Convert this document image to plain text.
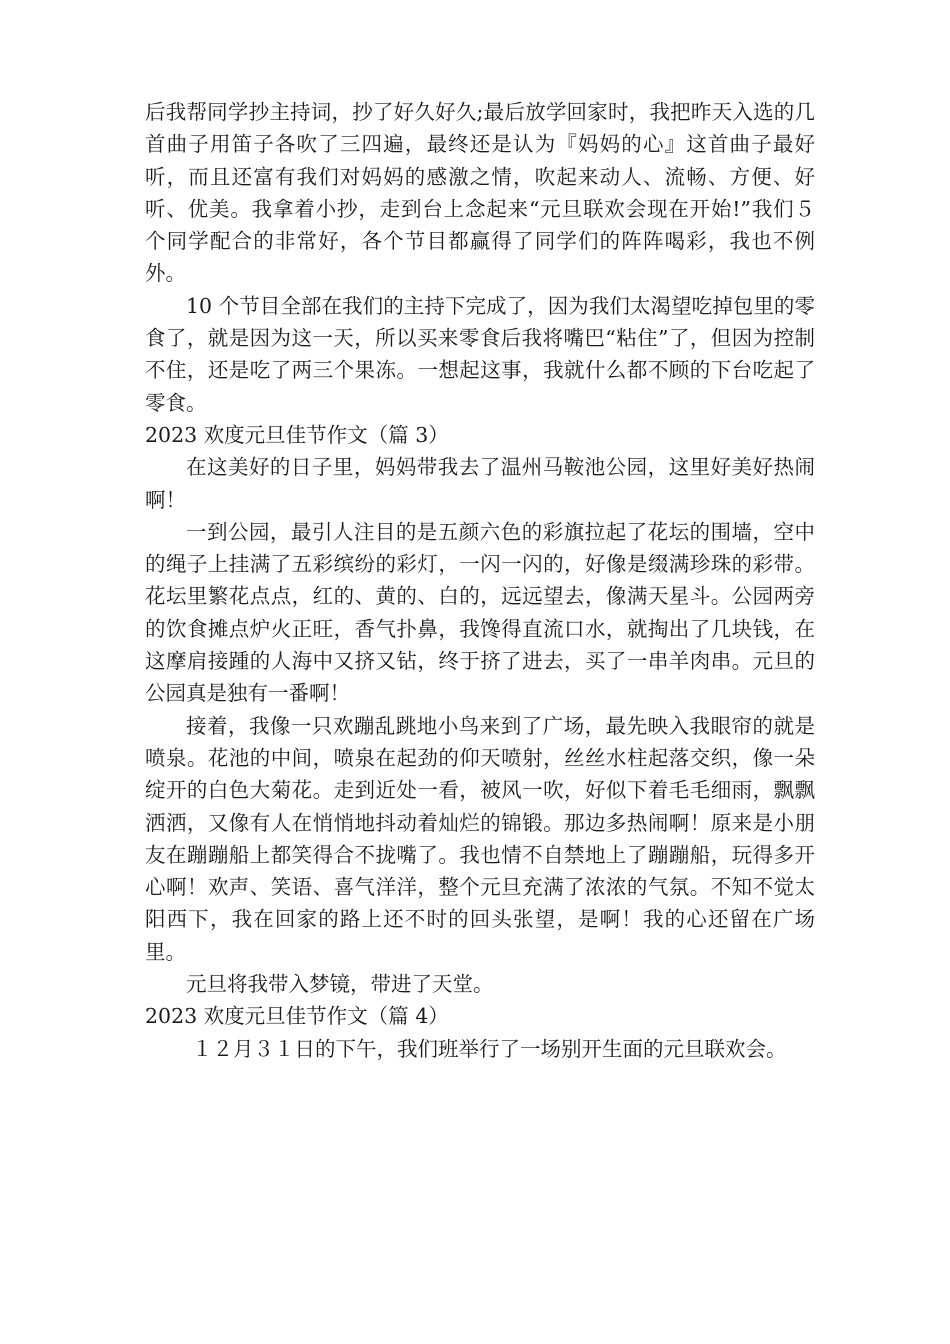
后我帮同学抄主持词，抄了好久好久;最后放学回家时，我把昨天入选的几首曲子用笛子各吹了三四遍，最终还是认为『妈妈的心』这首曲子最好听，而且还富有我们对妈妈的感激之情，吹起来动人、流畅、方便、好听、优美。我拿着小抄，走到台上念起来“元旦联欢会现在开始!”我们５ 个同学配合的非常好，各个节目都赢得了同学们的阵阵喝彩，我也不例外。

10 个节目全部在我们的主持下完成了，因为我们太渴望吃掉包里的零食了，就是因为这一天，所以买来零食后我将嘴巴“粘住”了，但因为控制不住，还是吃了两三个果冻。一想起这事，我就什么都不顾的下台吃起了零食。

2023 欢度元旦佳节作文（篇 3）

在这美好的日子里，妈妈带我去了温州马鞍池公园，这里好美好热闹啊！

一到公园，最引人注目的是五颜六色的彩旗拉起了花坛的围墙，空中的绳子上挂满了五彩缤纷的彩灯，一闪一闪的，好像是缀满珍珠的彩带。花坛里繁花点点，红的、黄的、白的，远远望去，像满天星斗。公园两旁的饮食摊点炉火正旺，香气扑鼻，我馋得直流口水，就掏出了几块钱，在这摩肩接踵的人海中又挤又钻，终于挤了进去，买了一串羊肉串。元旦的公园真是独有一番啊！

接着，我像一只欢蹦乱跳地小鸟来到了广场，最先映入我眼帘的就是喷泉。花池的中间，喷泉在起劲的仰天喷射，丝丝水柱起落交织，像一朵绽开的白色大菊花。走到近处一看，被风一吹，好似下着毛毛细雨，飘飘洒洒，又像有人在悄悄地抖动着灿烂的锦锻。那边多热闹啊！原来是小朋友在蹦蹦船上都笑得合不拢嘴了。我也情不自禁地上了蹦蹦船，玩得多开心啊！欢声、笑语、喜气洋洋，整个元旦充满了浓浓的气氛。不知不觉太阳西下，我在回家的路上还不时的回头张望，是啊！我的心还留在广场里。

元旦将我带入梦镜，带进了天堂。

2023 欢度元旦佳节作文（篇 4）

１２月３１日的下午，我们班举行了一场别开生面的元旦联欢会。
